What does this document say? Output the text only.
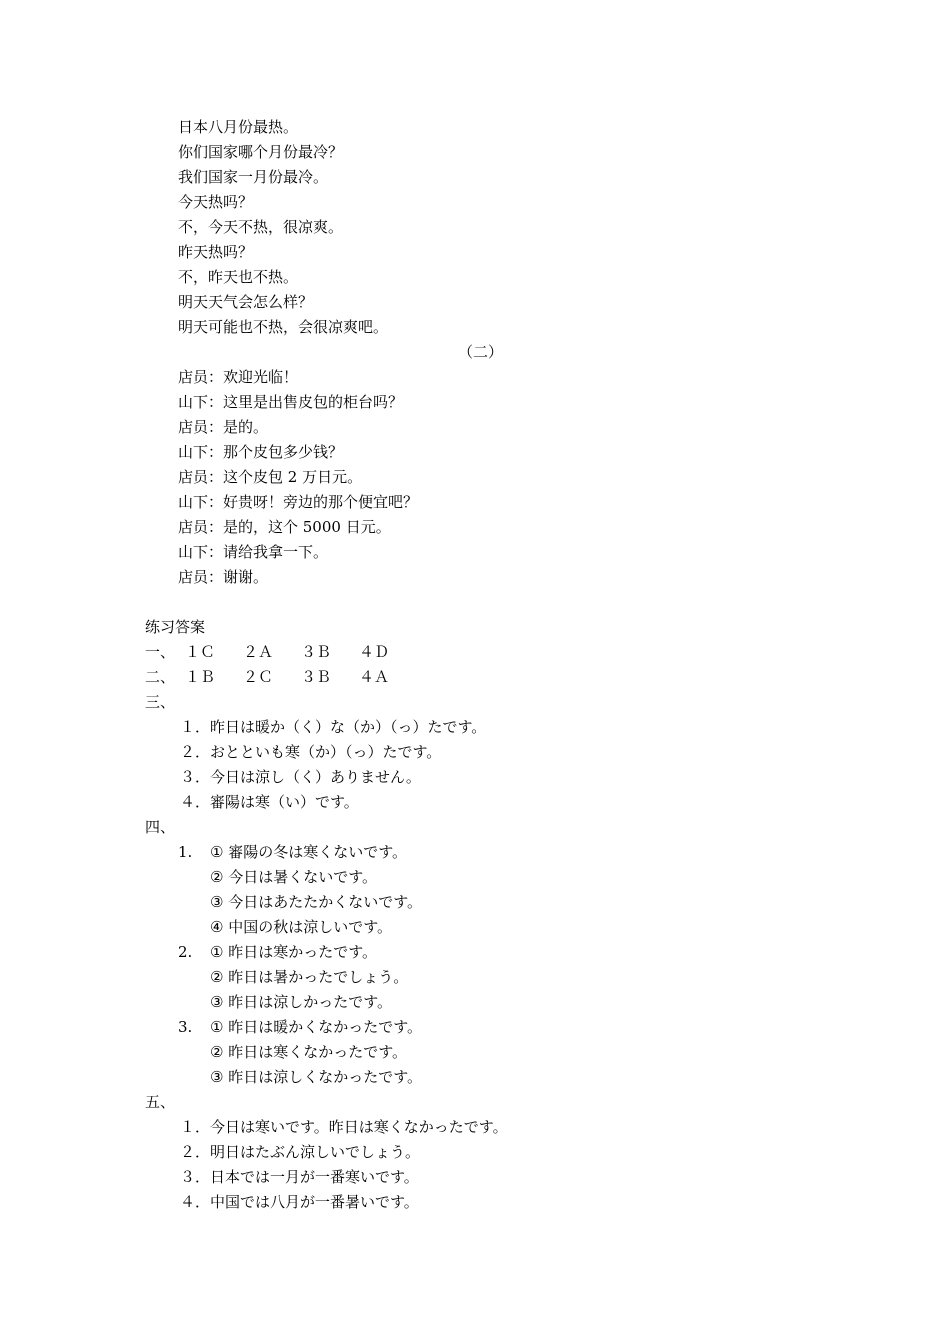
日本八月份最热。
你们国家哪个月份最冷？
我们国家一月份最冷。
今天热吗？
不，今天不热，很凉爽。
昨天热吗？
不，昨天也不热。
明天天气会怎么样？
明天可能也不热，会很凉爽吧。
（二）
店员：欢迎光临！
山下：这里是出售皮包的柜台吗？
店员：是的。
山下：那个皮包多少钱？
店员：这个皮包 2 万日元。
山下：好贵呀！旁边的那个便宜吧？
店员：是的，这个 5000 日元。
山下：请给我拿一下。
店员：谢谢。
练习答案
一、 １Ｃ	２Ａ	３Ｂ	４Ｄ
二、 １Ｂ	２Ｃ	３Ｂ	４Ａ
三、
１．昨日は暖か（く）な（か）（っ）たです。
２．おとといも寒（か）（っ）たです。
３．今日は涼し（く）ありません。
４．審陽は寒（い）です。
四、
1. ① 審陽の冬は寒くないです。
② 今日は暑くないです。
③ 今日はあたたかくないです。
④ 中国の秋は涼しいです。
2. ① 昨日は寒かったです。
② 昨日は暑かったでしょう。
③ 昨日は涼しかったです。
3. ① 昨日は暖かくなかったです。
② 昨日は寒くなかったです。
③ 昨日は涼しくなかったです。
五、
１．今日は寒いです。昨日は寒くなかったです。
２．明日はたぶん涼しいでしょう。
３．日本では一月が一番寒いです。
４．中国では八月が一番暑いです。
